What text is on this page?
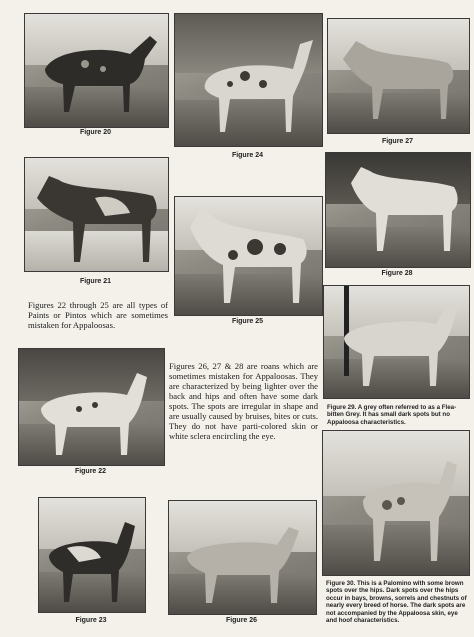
Figure 20
Figure 24
Figure 27
Figure 21
Figure 25
Figure 28
Figures 22 through 25 are all types of Paints or Pintos which are sometimes mistaken for Appaloosas.
Figure 29. A grey often referred to as a Flea-bitten Grey. It has small dark spots but no Appaloosa characteristics.
Figure 22
Figures 26, 27 & 28 are roans which are sometimes mistaken for Appaloosas. They are characterized by being lighter over the back and hips and often have some dark spots. The spots are irregular in shape and are usually caused by bruises, bites or cuts. They do not have parti-colored skin or white sclera encircling the eye.
Figure 23	Figure 26
Figure 30. This is a Palomino with some brown spots over the hips. Dark spots over the hips occur in bays, browns, sorrels and chestnuts of nearly every breed of horse. The dark spots are not accompanied by the Appaloosa skin, eye and hoof characteristics.
